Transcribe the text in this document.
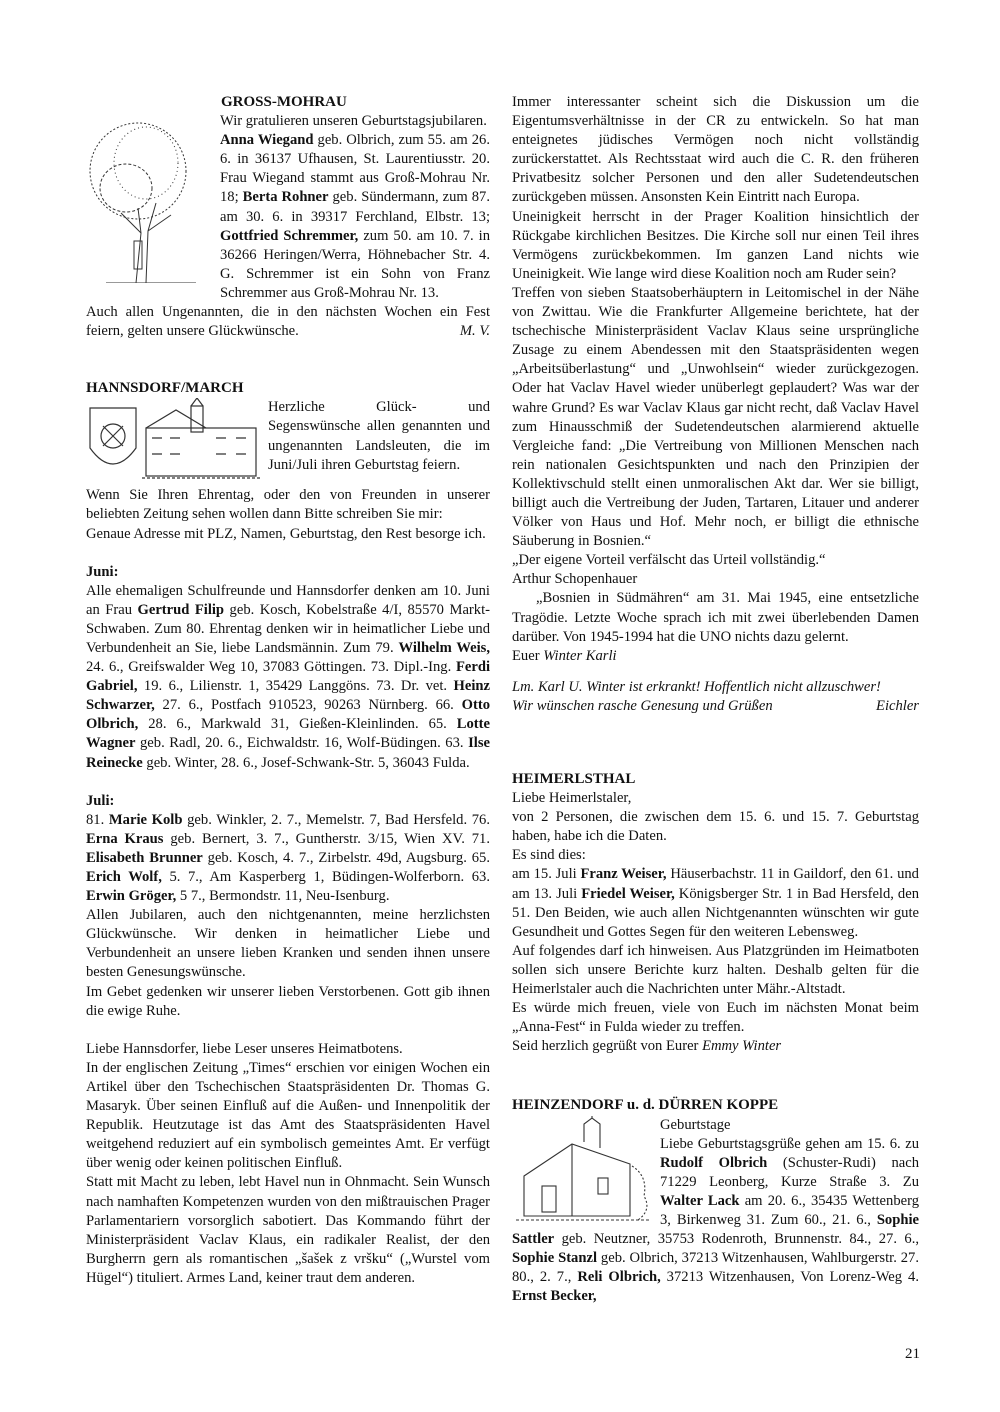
GROSS-MOHRAU

Wir gratulieren unseren Geburtstagsjubilaren.
Anna Wiegand geb. Olbrich, zum 55. am 26. 6. in 36137 Ufhausen, St. Laurentiusstr. 20. Frau Wiegand stammt aus Groß-Mohrau Nr. 18; Berta Rohner geb. Sündermann, zum 87. am 30. 6. in 39317 Ferchland, Elbstr. 13; Gottfried Schremmer, zum 50. am 10. 7. in 36266 Heringen/Werra, Höhnebacher Str. 4. G. Schremmer ist ein Sohn von Franz Schremmer aus Groß-Mohrau Nr. 13.

Auch allen Ungenannten, die in den nächsten Wochen ein Fest feiern, gelten unsere Glückwünsche.	M. V.

HANNSDORF/MARCH

Herzliche Glück- und Segenswünsche allen genannten und ungenannten Landsleuten, die im Juni/Juli ihren Geburtstag feiern.

Wenn Sie Ihren Ehrentag, oder den von Freunden in unserer beliebten Zeitung sehen wollen dann Bitte schreiben Sie mir:

Genaue Adresse mit PLZ, Namen, Geburtstag, den Rest besorge ich.

Juni:

Alle ehemaligen Schulfreunde und Hannsdorfer denken am 10. Juni an Frau Gertrud Filip geb. Kosch, Kobelstraße 4/I, 85570 Markt-Schwaben. Zum 80. Ehrentag denken wir in heimatlicher Liebe und Verbundenheit an Sie, liebe Landsmännin. Zum 79. Wilhelm Weis, 24. 6., Greifswalder Weg 10, 37083 Göttingen. 73. Dipl.-Ing. Ferdi Gabriel, 19. 6., Lilienstr. 1, 35429 Langgöns. 73. Dr. vet. Heinz Schwarzer, 27. 6., Postfach 910523, 90263 Nürnberg. 66. Otto Olbrich, 28. 6., Markwald 31, Gießen-Kleinlinden. 65. Lotte Wagner geb. Radl, 20. 6., Eichwaldstr. 16, Wolf-Büdingen. 63. Ilse Reinecke geb. Winter, 28. 6., Josef-Schwank-Str. 5, 36043 Fulda.

Juli:

81. Marie Kolb geb. Winkler, 2. 7., Memelstr. 7, Bad Hersfeld. 76. Erna Kraus geb. Bernert, 3. 7., Guntherstr. 3/15, Wien XV. 71. Elisabeth Brunner geb. Kosch, 4. 7., Zirbelstr. 49d, Augsburg. 65. Erich Wolf, 5. 7., Am Kasperberg 1, Büdingen-Wolferborn. 63. Erwin Gröger, 5 7., Bermondstr. 11, Neu-Isenburg.

Allen Jubilaren, auch den nichtgenannten, meine herzlichsten Glückwünsche. Wir denken in heimatlicher Liebe und Verbundenheit an unsere lieben Kranken und senden ihnen unsere besten Genesungswünsche.

Im Gebet gedenken wir unserer lieben Verstorbenen. Gott gib ihnen die ewige Ruhe.

Liebe Hannsdorfer, liebe Leser unseres Heimatbotens.

In der englischen Zeitung „Times“ erschien vor einigen Wochen ein Artikel über den Tschechischen Staatspräsidenten Dr. Thomas G. Masaryk. Über seinen Einfluß auf die Außen- und Innenpolitik der Republik. Heutzutage ist das Amt des Staatspräsidenten Havel weitgehend reduziert auf ein symbolisch gemeintes Amt. Er verfügt über wenig oder keinen politischen Einfluß.

Statt mit Macht zu leben, lebt Havel nun in Ohnmacht. Sein Wunsch nach namhaften Kompetenzen wurden von den mißtrauischen Prager Parlamentariern vorsorglich sabotiert. Das Kommando führt der Ministerpräsident Vaclav Klaus, ein radikaler Realist, der den Burgherrn gern als romantischen „šašek z vršku“ („Wurstel vom Hügel“) tituliert. Armes Land, keiner traut dem anderen.

Immer interessanter scheint sich die Diskussion um die Eigentumsverhältnisse in der CR zu entwickeln. So hat man enteignetes jüdisches Vermögen noch nicht vollständig zurückerstattet. Als Rechtsstaat wird auch die C. R. den früheren Privatbesitz solcher Personen und den aller Sudetendeutschen zurückgeben müssen. Ansonsten Kein Eintritt nach Europa.

Uneinigkeit herrscht in der Prager Koalition hinsichtlich der Rückgabe kirchlichen Besitzes. Die Kirche soll nur einen Teil ihres Vermögens zurückbekommen. Im ganzen Land nichts wie Uneinigkeit. Wie lange wird diese Koalition noch am Ruder sein?

Treffen von sieben Staatsoberhäuptern in Leitomischel in der Nähe von Zwittau. Wie die Frankfurter Allgemeine berichtete, hat der tschechische Ministerpräsident Vaclav Klaus seine ursprüngliche Zusage zu einem Abendessen mit den Staatspräsidenten wegen „Arbeitsüberlastung“ und „Unwohlsein“ wieder zurückgezogen. Oder hat Vaclav Havel wieder unüberlegt geplaudert? Was war der wahre Grund? Es war Vaclav Klaus gar nicht recht, daß Vaclav Havel zum Hinausschmiß der Sudetendeutschen alarmierend aktuelle Vergleiche fand: „Die Vertreibung von Millionen Menschen nach rein nationalen Gesichtspunkten und nach den Prinzipien der Kollektivschuld stellt einen unmoralischen Akt dar. Wer sie billigt, billigt auch die Vertreibung der Juden, Tartaren, Litauer und anderer Völker von Haus und Hof. Mehr noch, er billigt die ethnische Säuberung in Bosnien.“

„Der eigene Vorteil verfälscht das Urteil vollständig.“

Arthur Schopenhauer

„Bosnien in Südmähren“ am 31. Mai 1945, eine entsetzliche Tragödie. Letzte Woche sprach ich mit zwei überlebenden Damen darüber. Von 1945-1994 hat die UNO nichts dazu gelernt.

Euer Winter Karli

Lm. Karl U. Winter ist erkrankt! Hoffentlich nicht allzuschwer!

Wir wünschen rasche Genesung und Grüßen	Eichler

HEIMERLSTHAL

Liebe Heimerlstaler,

von 2 Personen, die zwischen dem 15. 6. und 15. 7. Geburtstag haben, habe ich die Daten.

Es sind dies:

am 15. Juli Franz Weiser, Häuserbachstr. 11 in Gaildorf, den 61. und am 13. Juli Friedel Weiser, Königsberger Str. 1 in Bad Hersfeld, den 51. Den Beiden, wie auch allen Nichtgenannten wünschten wir gute Gesundheit und Gottes Segen für den weiteren Lebensweg.

Auf folgendes darf ich hinweisen. Aus Platzgründen im Heimatboten sollen sich unsere Berichte kurz halten. Deshalb gelten für die Heimerlstaler auch die Nachrichten unter Mähr.-Altstadt.

Es würde mich freuen, viele von Euch im nächsten Monat beim „Anna-Fest“ in Fulda wieder zu treffen.

Seid herzlich gegrüßt von Eurer Emmy Winter

HEINZENDORF u. d. DÜRREN KOPPE

Geburtstage

Liebe Geburtstagsgrüße gehen am 15. 6. zu Rudolf Olbrich (Schuster-Rudi) nach 71229 Leonberg, Kurze Straße 3. Zu Walter Lack am 20. 6., 35435 Wettenberg 3, Birkenweg 31. Zum 60., 21. 6., Sophie Sattler geb. Neutzner, 35753 Rodenroth, Brunnenstr. 84., 27. 6., Sophie Stanzl geb. Olbrich, 37213 Witzenhausen, Wahlburgerstr. 27. 80., 2. 7., Reli Olbrich, 37213 Witzenhausen, Von Lorenz-Weg 4. Ernst Becker,

21
